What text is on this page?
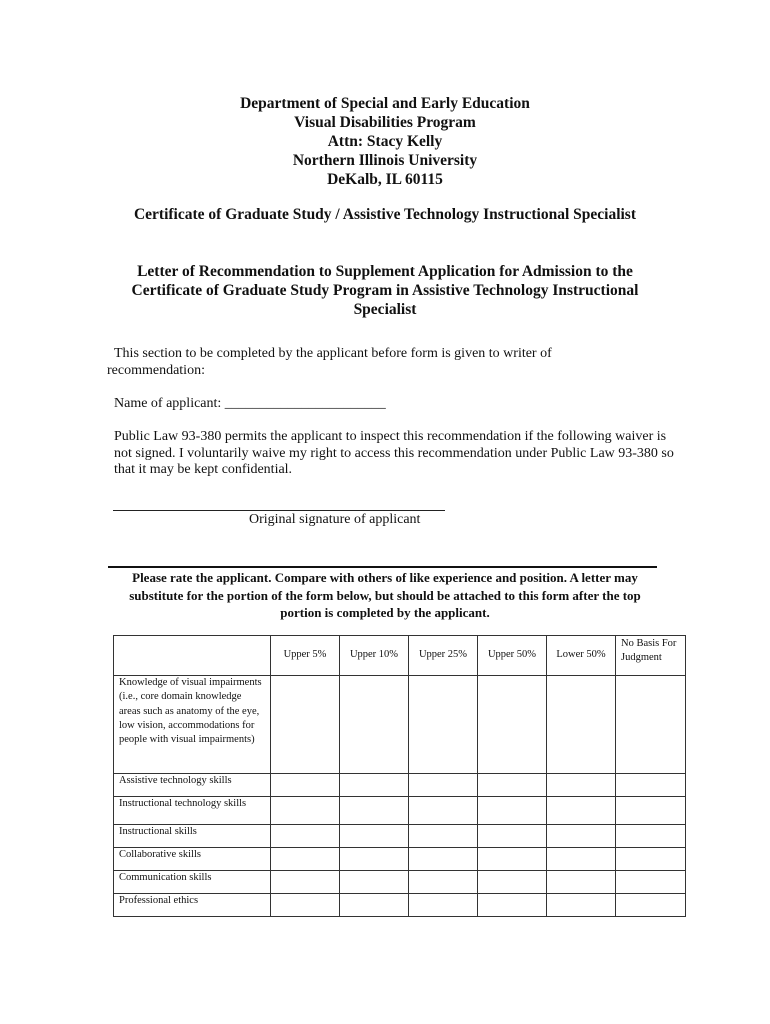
Department of Special and Early Education
Visual Disabilities Program
Attn: Stacy Kelly
Northern Illinois University
DeKalb, IL 60115
Certificate of Graduate Study / Assistive Technology Instructional Specialist
Letter of Recommendation to Supplement Application for Admission to the Certificate of Graduate Study Program in Assistive Technology Instructional Specialist
This section to be completed by the applicant before form is given to writer of
recommendation:
Name of applicant: _______________________
Public Law 93-380 permits the applicant to inspect this recommendation if the following waiver is not signed. I voluntarily waive my right to access this recommendation under Public Law 93-380 so that it may be kept confidential.
Original signature of applicant
Please rate the applicant. Compare with others of like experience and position. A letter may substitute for the portion of the form below, but should be attached to this form after the top portion is completed by the applicant.
	Upper 5%	Upper 10%	Upper 25%	Upper 50%	Lower 50%	No Basis For Judgment
Knowledge of visual impairments (i.e., core domain knowledge areas such as anatomy of the eye, low vision, accommodations for people with visual impairments)						
Assistive technology skills						
Instructional technology skills						
Instructional skills						
Collaborative skills						
Communication skills						
Professional ethics						
